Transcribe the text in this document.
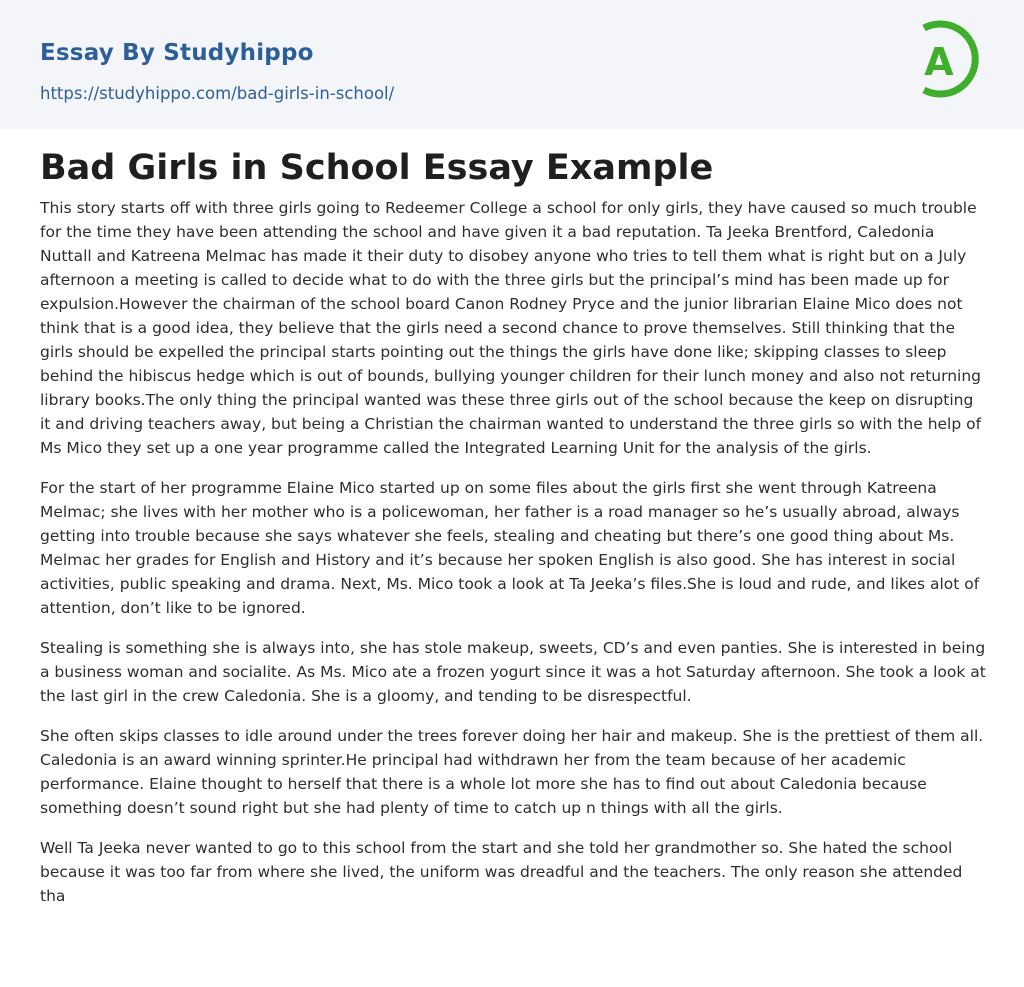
Essay By Studyhippo
https://studyhippo.com/bad-girls-in-school/
A
Bad Girls in School Essay Example

This story starts off with three girls going to Redeemer College a school for only girls, they have caused so much trouble for the time they have been attending the school and have given it a bad reputation. Ta Jeeka Brentford, Caledonia Nuttall and Katreena Melmac has made it their duty to disobey anyone who tries to tell them what is right but on a July afternoon a meeting is called to decide what to do with the three girls but the principal’s mind has been made up for expulsion.However the chairman of the school board Canon Rodney Pryce and the junior librarian Elaine Mico does not think that is a good idea, they believe that the girls need a second chance to prove themselves. Still thinking that the girls should be expelled the principal starts pointing out the things the girls have done like; skipping classes to sleep behind the hibiscus hedge which is out of bounds, bullying younger children for their lunch money and also not returning library books.The only thing the principal wanted was these three girls out of the school because the keep on disrupting it and driving teachers away, but being a Christian the chairman wanted to understand the three girls so with the help of Ms Mico they set up a one year programme called the Integrated Learning Unit for the analysis of the girls.

For the start of her programme Elaine Mico started up on some files about the girls first she went through Katreena Melmac; she lives with her mother who is a policewoman, her father is a road manager so he’s usually abroad, always getting into trouble because she says whatever she feels, stealing and cheating but there’s one good thing about Ms. Melmac her grades for English and History and it’s because her spoken English is also good. She has interest in social activities, public speaking and drama. Next, Ms. Mico took a look at Ta Jeeka’s files.She is loud and rude, and likes alot of attention, don’t like to be ignored.

Stealing is something she is always into, she has stole makeup, sweets, CD’s and even panties. She is interested in being a business woman and socialite. As Ms. Mico ate a frozen yogurt since it was a hot Saturday afternoon. She took a look at the last girl in the crew Caledonia. She is a gloomy, and tending to be disrespectful.

She often skips classes to idle around under the trees forever doing her hair and makeup. She is the prettiest of them all. Caledonia is an award winning sprinter.He principal had withdrawn her from the team because of her academic performance. Elaine thought to herself that there is a whole lot more she has to find out about Caledonia because something doesn’t sound right but she had plenty of time to catch up n things with all the girls.

Well Ta Jeeka never wanted to go to this school from the start and she told her grandmother so. She hated the school because it was too far from where she lived, the uniform was dreadful and the teachers. The only reason she attended tha
